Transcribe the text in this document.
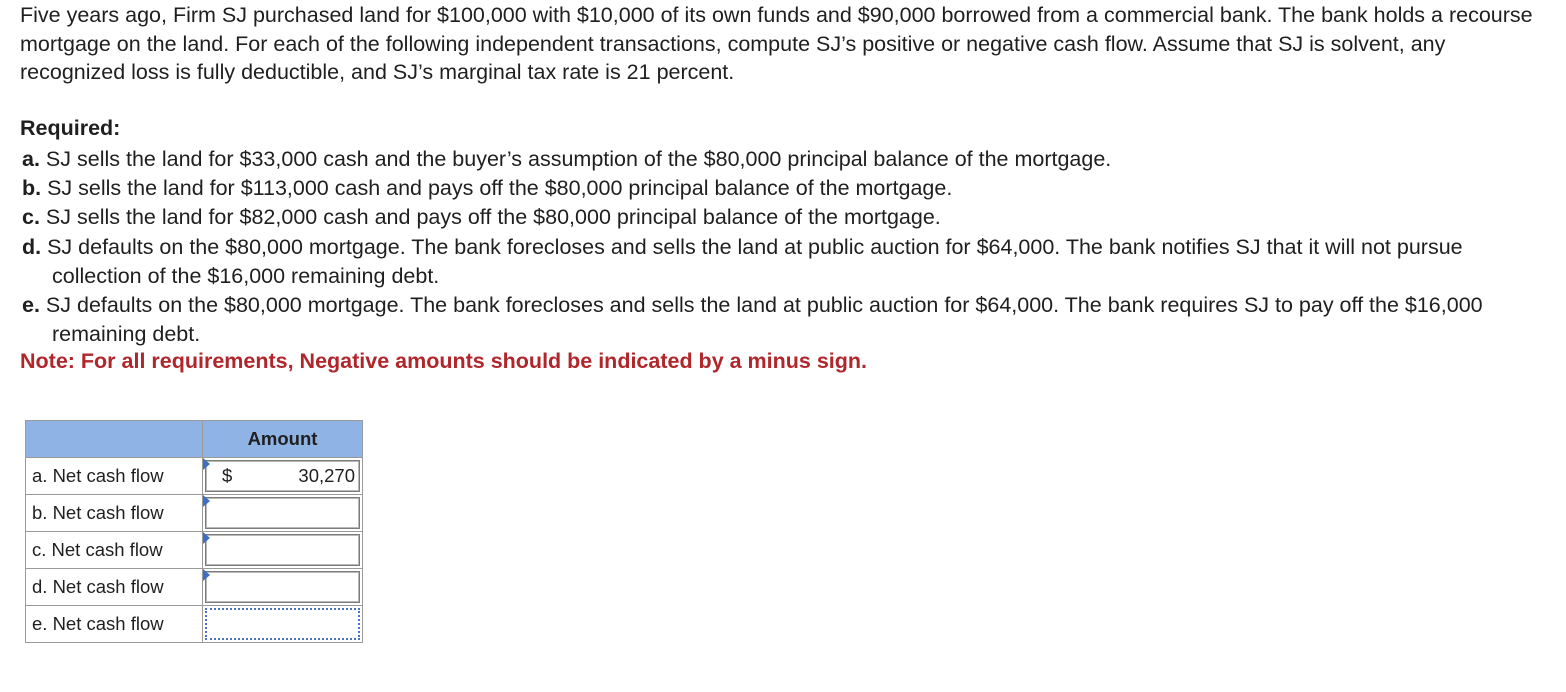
Five years ago, Firm SJ purchased land for $100,000 with $10,000 of its own funds and $90,000 borrowed from a commercial bank. The bank holds a recourse mortgage on the land. For each of the following independent transactions, compute SJ’s positive or negative cash flow. Assume that SJ is solvent, any recognized loss is fully deductible, and SJ’s marginal tax rate is 21 percent.

Required:

a. SJ sells the land for $33,000 cash and the buyer’s assumption of the $80,000 principal balance of the mortgage.
b. SJ sells the land for $113,000 cash and pays off the $80,000 principal balance of the mortgage.
c. SJ sells the land for $82,000 cash and pays off the $80,000 principal balance of the mortgage.
d. SJ defaults on the $80,000 mortgage. The bank forecloses and sells the land at public auction for $64,000. The bank notifies SJ that it will not pursue collection of the $16,000 remaining debt.
e. SJ defaults on the $80,000 mortgage. The bank forecloses and sells the land at public auction for $64,000. The bank requires SJ to pay off the $16,000 remaining debt.

Note: For all requirements, Negative amounts should be indicated by a minus sign.

	Amount
a. Net cash flow	$ 30,270

b. Net cash flow	

c. Net cash flow	

d. Net cash flow	

e. Net cash flow	
